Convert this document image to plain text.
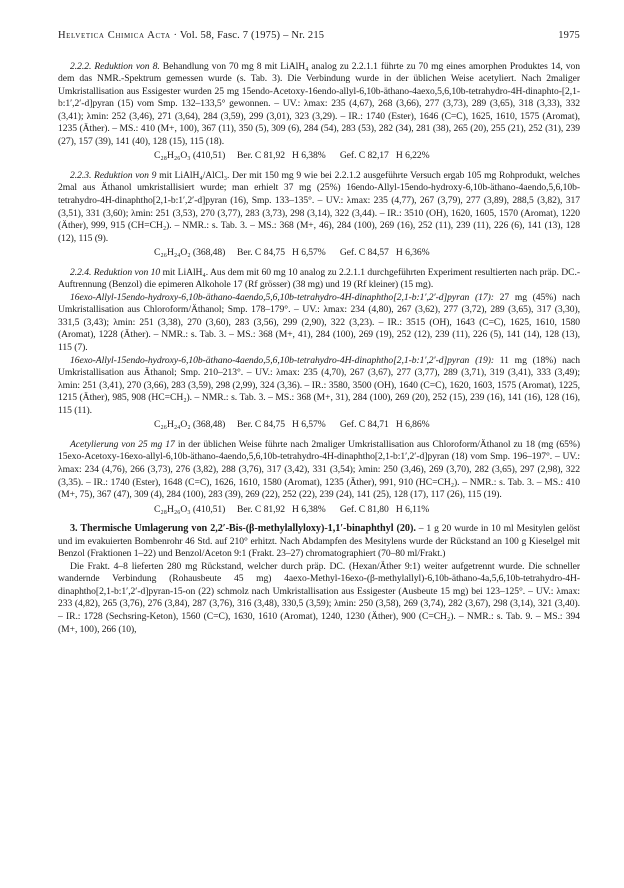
Helvetica Chimica Acta · Vol. 58, Fasc. 7 (1975) – Nr. 215	1975

2.2.2. Reduktion von 8. Behandlung von 70 mg 8 mit LiAlH₄ analog zu 2.2.1.1 führte zu 70 mg eines amorphen Produktes 14, von dem das NMR.-Spektrum gemessen wurde (s. Tab. 3). Die Verbindung wurde in der üblichen Weise acetyliert. Nach 2maliger Umkristallisation aus Essigester wurden 25 mg 15endo-Acetoxy-16endo-allyl-6,10b-äthano-4aexo,5,6,10b-tetrahydro-4H-dinaphto-[2,1-b:1′,2′-d]pyran (15) vom Smp. 132–133,5° gewonnen. – UV.: λmax: 235 (4,67), 268 (3,66), 277 (3,73), 289 (3,65), 318 (3,33), 332 (3,41); λmin: 252 (3,46), 271 (3,64), 284 (3,59), 299 (3,01), 323 (3,29). – IR.: 1740 (Ester), 1646 (C=C), 1625, 1610, 1575 (Aromat), 1235 (Äther). – MS.: 410 (M+, 100), 367 (11), 350 (5), 309 (6), 284 (54), 283 (53), 282 (34), 281 (38), 265 (20), 255 (21), 252 (31), 239 (27), 157 (39), 141 (40), 128 (15), 115 (18).

C₂₈H₂₆O₃ (410,51)     Ber. C 81,92   H 6,38%      Gef. C 82,17   H 6,22%

2.2.3. Reduktion von 9 mit LiAlH₄/AlCl₃. Der mit 150 mg 9 wie bei 2.2.1.2 ausgeführte Versuch ergab 105 mg Rohprodukt, welches 2mal aus Äthanol umkristallisiert wurde; man erhielt 37 mg (25%) 16endo-Allyl-15endo-hydroxy-6,10b-äthano-4aendo,5,6,10b-tetrahydro-4H-dinaphtho[2,1-b:1′,2′-d]pyran (16), Smp. 133–135°. – UV.: λmax: 235 (4,77), 267 (3,79), 277 (3,89), 288,5 (3,82), 317 (3,51), 331 (3,60); λmin: 251 (3,53), 270 (3,77), 283 (3,73), 298 (3,14), 322 (3,44). – IR.: 3510 (OH), 1620, 1605, 1570 (Aromat), 1220 (Äther), 999, 915 (CH=CH₂). – NMR.: s. Tab. 3. – MS.: 368 (M+, 46), 284 (100), 269 (16), 252 (11), 239 (11), 226 (6), 141 (13), 128 (12), 115 (9).

C₂₆H₂₄O₂ (368,48)     Ber. C 84,75   H 6,57%      Gef. C 84,57   H 6,36%

2.2.4. Reduktion von 10 mit LiAlH₄. Aus dem mit 60 mg 10 analog zu 2.2.1.1 durchgeführten Experiment resultierten nach präp. DC.-Auftrennung (Benzol) die epimeren Alkohole 17 (Rf grösser) (38 mg) und 19 (Rf kleiner) (15 mg).

16exo-Allyl-15endo-hydroxy-6,10b-äthano-4aendo,5,6,10b-tetrahydro-4H-dinaphtho[2,1-b:1′,2′-d]pyran (17): 27 mg (45%) nach Umkristallisation aus Chloroform/Äthanol; Smp. 178–179°. – UV.: λmax: 234 (4,80), 267 (3,62), 277 (3,72), 289 (3,65), 317 (3,30), 331,5 (3,43); λmin: 251 (3,38), 270 (3,60), 283 (3,56), 299 (2,90), 322 (3,23). – IR.: 3515 (OH), 1643 (C=C), 1625, 1610, 1580 (Aromat), 1228 (Äther). – NMR.: s. Tab. 3. – MS.: 368 (M+, 41), 284 (100), 269 (19), 252 (12), 239 (11), 226 (5), 141 (14), 128 (13), 115 (7).

16exo-Allyl-15endo-hydroxy-6,10b-äthano-4aendo,5,6,10b-tetrahydro-4H-dinaphtho[2,1-b:1′,2′-d]pyran (19): 11 mg (18%) nach Umkristallisation aus Äthanol; Smp. 210–213°. – UV.: λmax: 235 (4,70), 267 (3,67), 277 (3,77), 289 (3,71), 319 (3,41), 333 (3,49); λmin: 251 (3,41), 270 (3,66), 283 (3,59), 298 (2,99), 324 (3,36). – IR.: 3580, 3500 (OH), 1640 (C=C), 1620, 1603, 1575 (Aromat), 1225, 1215 (Äther), 985, 908 (HC=CH₂). – NMR.: s. Tab. 3. – MS.: 368 (M+, 31), 284 (100), 269 (20), 252 (15), 239 (16), 141 (16), 128 (16), 115 (11).

C₂₆H₂₄O₂ (368,48)     Ber. C 84,75   H 6,57%      Gef. C 84,71   H 6,86%

Acetylierung von 25 mg 17 in der üblichen Weise führte nach 2maliger Umkristallisation aus Chloroform/Äthanol zu 18 (mg (65%) 15exo-Acetoxy-16exo-allyl-6,10b-äthano-4aendo,5,6,10b-tetrahydro-4H-dinaphtho[2,1-b:1′,2′-d]pyran (18) vom Smp. 196–197°. – UV.: λmax: 234 (4,76), 266 (3,73), 276 (3,82), 288 (3,76), 317 (3,42), 331 (3,54); λmin: 250 (3,46), 269 (3,70), 282 (3,65), 297 (2,98), 322 (3,35). – IR.: 1740 (Ester), 1648 (C=C), 1626, 1610, 1580 (Aromat), 1235 (Äther), 991, 910 (HC=CH₂). – NMR.: s. Tab. 3. – MS.: 410 (M+, 75), 367 (47), 309 (4), 284 (100), 283 (39), 269 (22), 252 (22), 239 (24), 141 (25), 128 (17), 117 (26), 115 (19).

C₂₈H₂₆O₃ (410,51)     Ber. C 81,92   H 6,38%      Gef. C 81,80   H 6,11%

3. Thermische Umlagerung von 2,2′-Bis-(β-methylallyloxy)-1,1′-binaphthyl (20). – 1 g 20 wurde in 10 ml Mesitylen gelöst und im evakuierten Bombenrohr 46 Std. auf 210° erhitzt. Nach Abdampfen des Mesitylens wurde der Rückstand an 100 g Kieselgel mit Benzol (Fraktionen 1–22) und Benzol/Aceton 9:1 (Frakt. 23–27) chromatographiert (70–80 ml/Frakt.)

Die Frakt. 4–8 lieferten 280 mg Rückstand, welcher durch präp. DC. (Hexan/Äther 9:1) weiter aufgetrennt wurde. Die schneller wandernde Verbindung (Rohausbeute 45 mg) 4aexo-Methyl-16exo-(β-methylallyl)-6,10b-äthano-4a,5,6,10b-tetrahydro-4H-dinaphtho[2,1-b:1′,2′-d]pyran-15-on (22) schmolz nach Umkristallisation aus Essigester (Ausbeute 15 mg) bei 123–125°. – UV.: λmax: 233 (4,82), 265 (3,76), 276 (3,84), 287 (3,76), 316 (3,48), 330,5 (3,59); λmin: 250 (3,58), 269 (3,74), 282 (3,67), 298 (3,14), 321 (3,40). – IR.: 1728 (Sechsring-Keton), 1560 (C=C), 1630, 1610 (Aromat), 1240, 1230 (Äther), 900 (C=CH₂). – NMR.: s. Tab. 9. – MS.: 394 (M+, 100), 266 (10),
